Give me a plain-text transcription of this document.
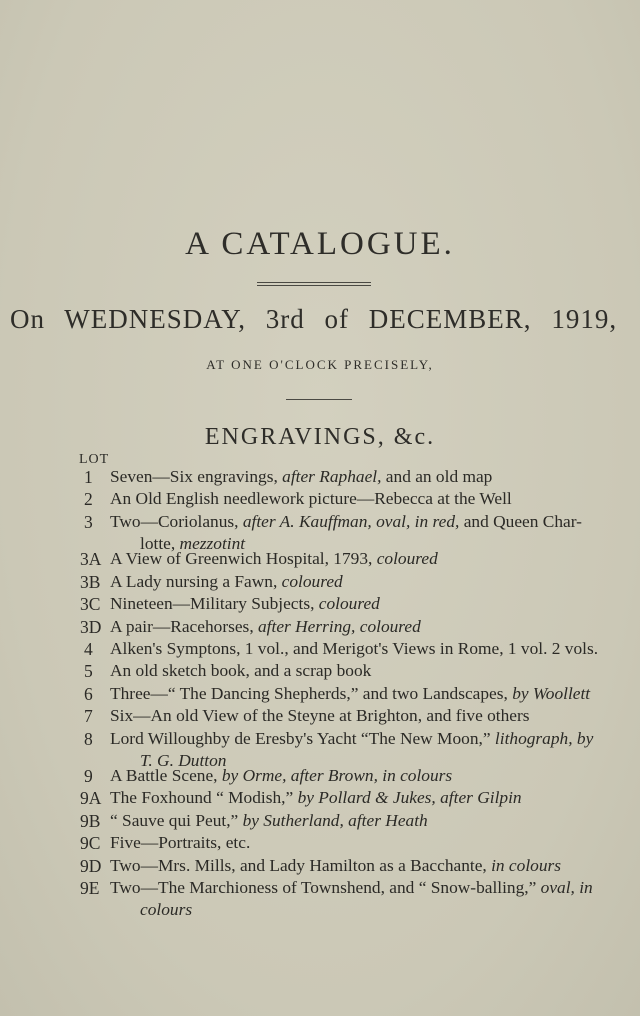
A CATALOGUE.
On WEDNESDAY, 3rd of DECEMBER, 1919,
AT ONE O'CLOCK PRECISELY,
ENGRAVINGS, &c.
LOT
1 Seven—Six engravings, after Raphael, and an old map
2 An Old English needlework picture—Rebecca at the Well
3 Two—Coriolanus, after A. Kauffman, oval, in red, and Queen Char-
lotte, mezzotint
3A A View of Greenwich Hospital, 1793, coloured
3B A Lady nursing a Fawn, coloured
3C Nineteen—Military Subjects, coloured
3D A pair—Racehorses, after Herring, coloured
4 Alken's Symptons, 1 vol., and Merigot's Views in Rome, 1 vol. 2 vols.
5 An old sketch book, and a scrap book
6 Three—“ The Dancing Shepherds,” and two Landscapes, by Woollett
7 Six—An old View of the Steyne at Brighton, and five others
8 Lord Willoughby de Eresby's Yacht “The New Moon,” lithograph, by
T. G. Dutton
9 A Battle Scene, by Orme, after Brown, in colours
9A The Foxhound “ Modish,” by Pollard & Jukes, after Gilpin
9B “ Sauve qui Peut,” by Sutherland, after Heath
9C Five—Portraits, etc.
9D Two—Mrs. Mills, and Lady Hamilton as a Bacchante, in colours
9E Two—The Marchioness of Townshend, and “ Snow-balling,” oval, in
colours
